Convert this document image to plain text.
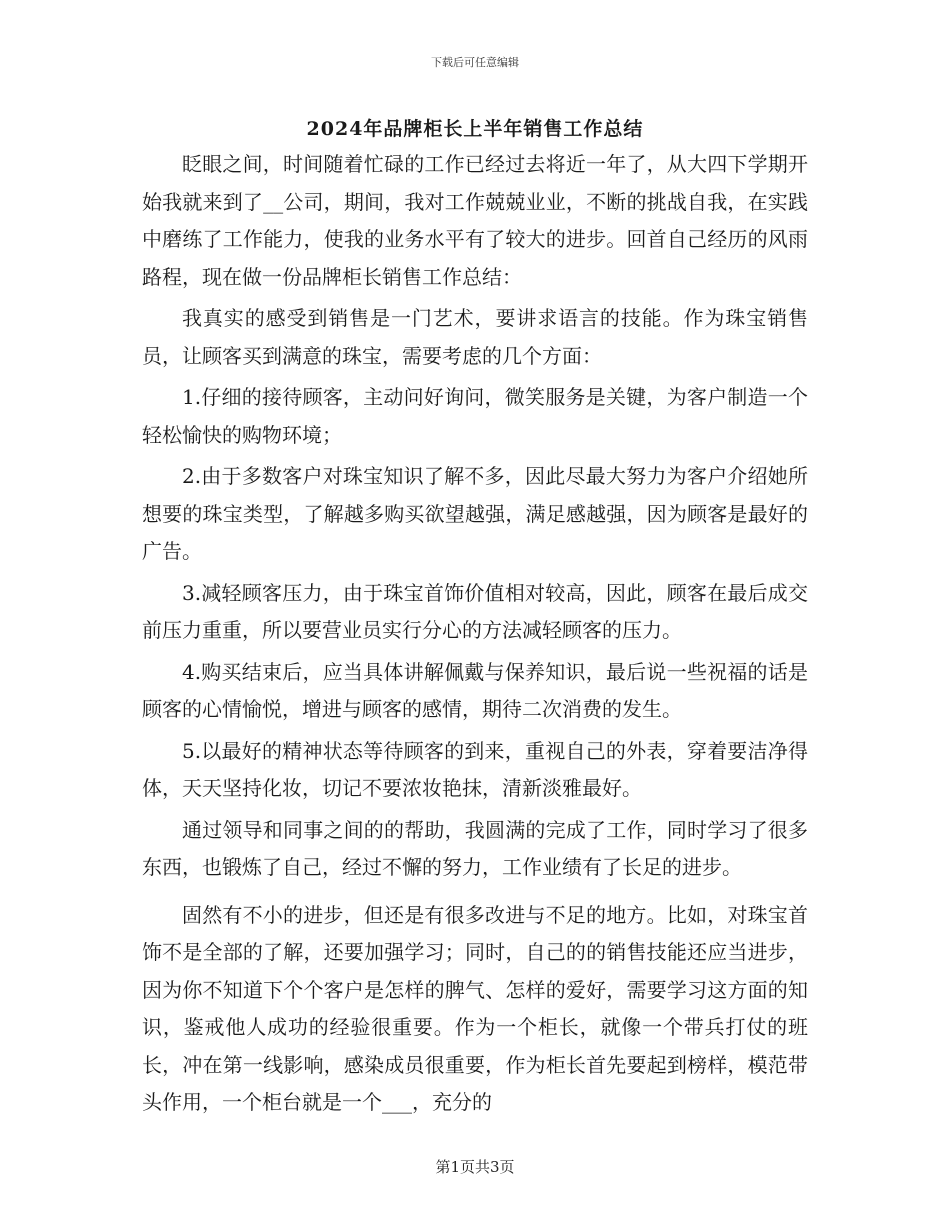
下载后可任意编辑
2024年品牌柜长上半年销售工作总结

眨眼之间，时间随着忙碌的工作已经过去将近一年了，从大四下学期开始我就来到了__公司，期间，我对工作兢兢业业，不断的挑战自我，在实践中磨练了工作能力，使我的业务水平有了较大的进步。回首自己经历的风雨路程，现在做一份品牌柜长销售工作总结：

我真实的感受到销售是一门艺术，要讲求语言的技能。作为珠宝销售员，让顾客买到满意的珠宝，需要考虑的几个方面：

1.仔细的接待顾客，主动问好询问，微笑服务是关键，为客户制造一个轻松愉快的购物环境；

2.由于多数客户对珠宝知识了解不多，因此尽最大努力为客户介绍她所想要的珠宝类型，了解越多购买欲望越强，满足感越强，因为顾客是最好的广告。

3.减轻顾客压力，由于珠宝首饰价值相对较高，因此，顾客在最后成交前压力重重，所以要营业员实行分心的方法减轻顾客的压力。

4.购买结束后，应当具体讲解佩戴与保养知识，最后说一些祝福的话是顾客的心情愉悦，增进与顾客的感情，期待二次消费的发生。

5.以最好的精神状态等待顾客的到来，重视自己的外表，穿着要洁净得体，天天坚持化妆，切记不要浓妆艳抹，清新淡雅最好。

通过领导和同事之间的的帮助，我圆满的完成了工作，同时学习了很多东西，也锻炼了自己，经过不懈的努力，工作业绩有了长足的进步。

固然有不小的进步，但还是有很多改进与不足的地方。比如，对珠宝首饰不是全部的了解，还要加强学习；同时，自己的的销售技能还应当进步，因为你不知道下个个客户是怎样的脾气、怎样的爱好，需要学习这方面的知识，鉴戒他人成功的经验很重要。作为一个柜长，就像一个带兵打仗的班长，冲在第一线影响，感染成员很重要，作为柜长首先要起到榜样，模范带头作用，一个柜台就是一个___，充分的

第1页共3页
